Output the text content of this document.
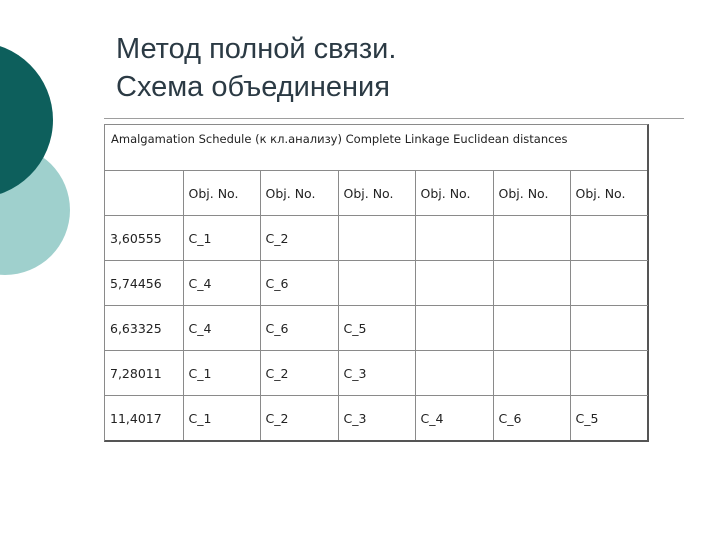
Метод полной связи.
Схема объединения
Amalgamation Schedule (к кл.анализу) Complete Linkage Euclidean distances
	Obj. No.	Obj. No.	Obj. No.	Obj. No.	Obj. No.	Obj. No.
3,60555	C_1	C_2				
5,74456	C_4	C_6				
6,63325	C_4	C_6	C_5			
7,28011	C_1	C_2	C_3			
11,4017	C_1	C_2	C_3	C_4	C_6	C_5
